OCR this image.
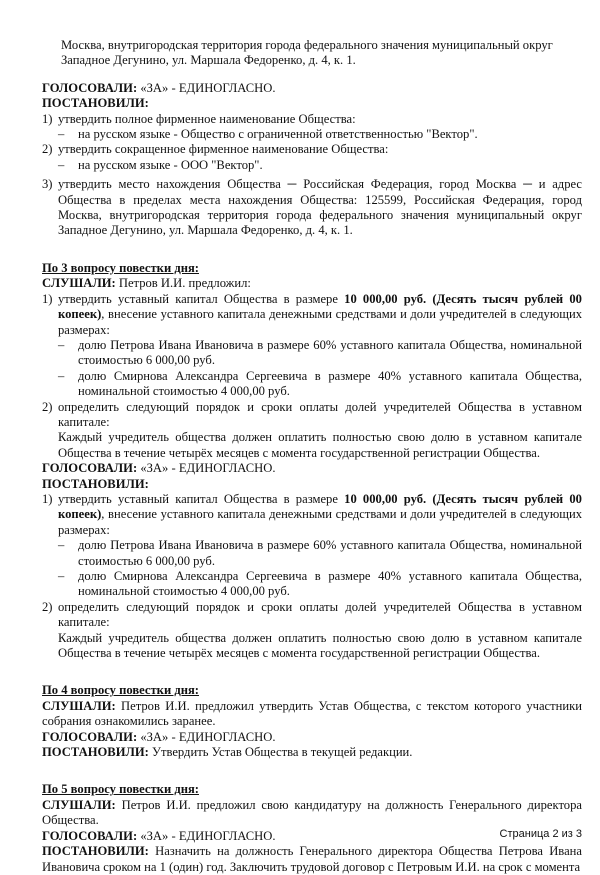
Москва, внутригородская территория города федерального значения муниципальный округ

Западное Дегунино, ул. Маршала Федоренко, д. 4, к. 1.

ГОЛОСОВАЛИ: «ЗА» - ЕДИНОГЛАСНО.

ПОСТАНОВИЛИ:

1) утвердить полное фирменное наименование Общества:
–	на русском языке - Общество с ограниченной ответственностью "Вектор".
2) утвердить сокращенное фирменное наименование Общества:
–	на русском языке - ООО "Вектор".
3) утвердить место нахождения Общества ─ Российская Федерация, город Москва ─ и адрес Общества в пределах места нахождения Общества: 125599, Российская Федерация, город Москва, внутригородская территория города федерального значения муниципальный округ Западное Дегунино, ул. Маршала Федоренко, д. 4, к. 1.

По 3 вопросу повестки дня:

СЛУШАЛИ: Петров И.И. предложил:

1) утвердить уставный капитал Общества в размере 10 000,00 руб. (Десять тысяч рублей 00 копеек), внесение уставного капитала денежными средствами и доли учредителей в следующих размерах:
–	долю Петрова Ивана Ивановича в размере 60% уставного капитала Общества, номинальной стоимостью 6 000,00 руб.
–	долю Смирнова Александра Сергеевича в размере 40% уставного капитала Общества, номинальной стоимостью 4 000,00 руб.
2) определить следующий порядок и сроки оплаты долей учредителей Общества в уставном капитале:

Каждый учредитель общества должен оплатить полностью свою долю в уставном капитале Общества в течение четырёх месяцев с момента государственной регистрации Общества.

ГОЛОСОВАЛИ: «ЗА» - ЕДИНОГЛАСНО.

ПОСТАНОВИЛИ:

1) утвердить уставный капитал Общества в размере 10 000,00 руб. (Десять тысяч рублей 00 копеек), внесение уставного капитала денежными средствами и доли учредителей в следующих размерах:
–	долю Петрова Ивана Ивановича в размере 60% уставного капитала Общества, номинальной стоимостью 6 000,00 руб.
–	долю Смирнова Александра Сергеевича в размере 40% уставного капитала Общества, номинальной стоимостью 4 000,00 руб.
2) определить следующий порядок и сроки оплаты долей учредителей Общества в уставном капитале:

Каждый учредитель общества должен оплатить полностью свою долю в уставном капитале Общества в течение четырёх месяцев с момента государственной регистрации Общества.

По 4 вопросу повестки дня:

СЛУШАЛИ: Петров И.И. предложил утвердить Устав Общества, с текстом которого участники собрания ознакомились заранее.

ГОЛОСОВАЛИ: «ЗА» - ЕДИНОГЛАСНО.

ПОСТАНОВИЛИ: Утвердить Устав Общества в текущей редакции.

По 5 вопросу повестки дня:

СЛУШАЛИ: Петров И.И. предложил свою кандидатуру на должность Генерального директора Общества.

ГОЛОСОВАЛИ: «ЗА» - ЕДИНОГЛАСНО.

ПОСТАНОВИЛИ: Назначить на должность Генерального директора Общества Петрова Ивана Ивановича сроком на 1 (один) год. Заключить трудовой договор с Петровым И.И. на срок с момента

Страница 2 из 3
